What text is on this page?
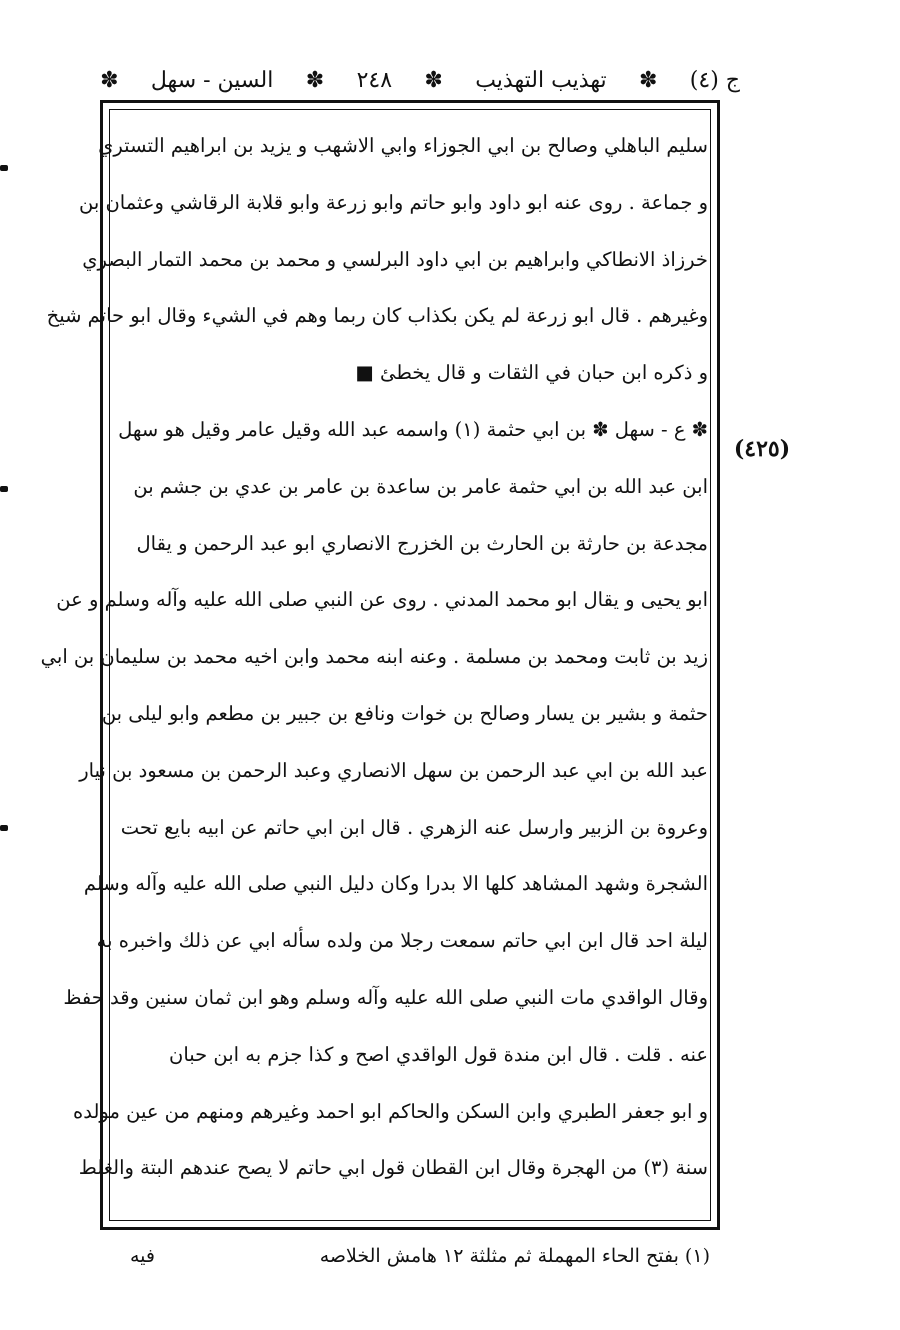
ج (٤)
✽
تهذيب التهذيب
✽
٢٤٨
✽
السين - سهل
✽
سليم الباهلي وصالح بن ابي الجوزاء وابي الاشهب و يزيد بن ابراهيم التستري
و جماعة . روى عنه ابو داود وابو حاتم وابو زرعة وابو قلابة الرقاشي وعثمان بن
خرزاذ الانطاكي وابراهيم بن ابي داود البرلسي و محمد بن محمد التمار البصري
وغيرهم . قال ابو زرعة لم يكن بكذاب كان ربما وهم في الشيء وقال ابو حاتم شيخ
و ذكره ابن حبان في الثقات و قال يخطئ ■
✽ ع - سهل ✽ بن ابي حثمة (١) واسمه عبد الله وقيل عامر وقيل هو سهل
ابن عبد الله بن ابي حثمة عامر بن ساعدة بن عامر بن عدي بن جشم بن
مجدعة بن حارثة بن الحارث بن الخزرج الانصاري ابو عبد الرحمن و يقال
ابو يحيى و يقال ابو محمد المدني . روى عن النبي صلى الله عليه وآله وسلم و عن
زيد بن ثابت ومحمد بن مسلمة . وعنه ابنه محمد وابن اخيه محمد بن سليمان بن ابي
حثمة و بشير بن يسار وصالح بن خوات ونافع بن جبير بن مطعم وابو ليلى بن
عبد الله بن ابي عبد الرحمن بن سهل الانصاري وعبد الرحمن بن مسعود بن نيار
وعروة بن الزبير وارسل عنه الزهري . قال ابن ابي حاتم عن ابيه بايع تحت
الشجرة وشهد المشاهد كلها الا بدرا وكان دليل النبي صلى الله عليه وآله وسلم
ليلة احد قال ابن ابي حاتم سمعت رجلا من ولده سأله ابي عن ذلك واخبره به
وقال الواقدي مات النبي صلى الله عليه وآله وسلم وهو ابن ثمان سنين وقد حفظ
عنه . قلت . قال ابن مندة قول الواقدي اصح و كذا جزم به ابن حبان
و ابو جعفر الطبري وابن السكن والحاكم ابو احمد وغيرهم ومنهم من عين مولده
سنة (٣) من الهجرة وقال ابن القطان قول ابي حاتم لا يصح عندهم البتة والغلط
(٤٢٥)
(١) بفتح الحاء المهملة ثم مثلثة ١٢ هامش الخلاصه
فيه
